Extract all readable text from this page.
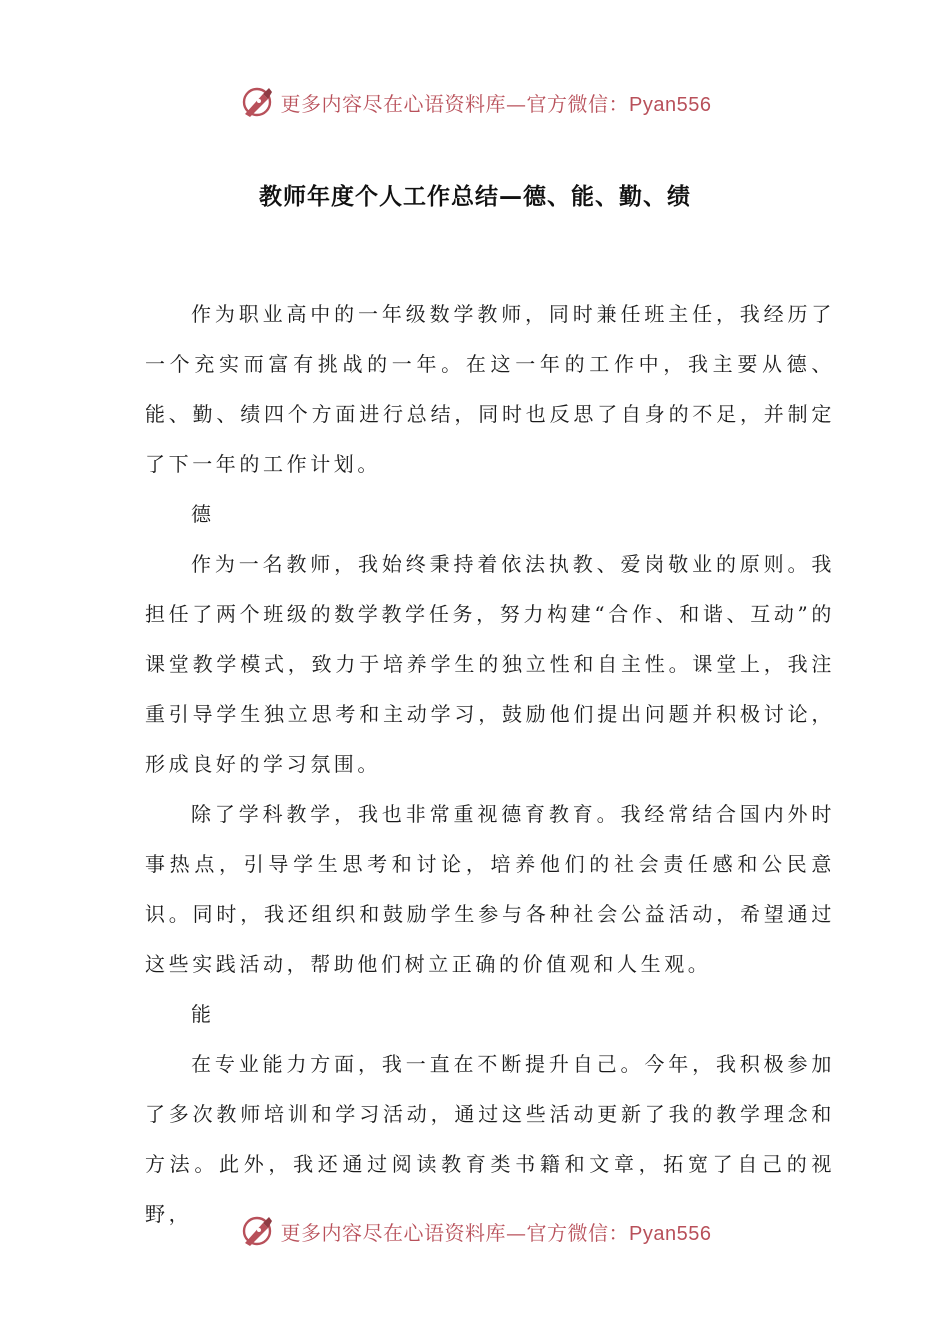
更多内容尽在心语资料库—官方微信：Pyan556
教师年度个人工作总结—德、能、勤、绩

作为职业高中的一年级数学教师，同时兼任班主任，我经历了一个充实而富有挑战的一年。在这一年的工作中，我主要从德、能、勤、绩四个方面进行总结，同时也反思了自身的不足，并制定了下一年的工作计划。

德

作为一名教师，我始终秉持着依法执教、爱岗敬业的原则。我担任了两个班级的数学教学任务，努力构建“合作、和谐、互动”的课堂教学模式，致力于培养学生的独立性和自主性。课堂上，我注重引导学生独立思考和主动学习，鼓励他们提出问题并积极讨论，形成良好的学习氛围。

除了学科教学，我也非常重视德育教育。我经常结合国内外时事热点，引导学生思考和讨论，培养他们的社会责任感和公民意识。同时，我还组织和鼓励学生参与各种社会公益活动，希望通过这些实践活动，帮助他们树立正确的价值观和人生观。

能

在专业能力方面，我一直在不断提升自己。今年，我积极参加了多次教师培训和学习活动，通过这些活动更新了我的教学理念和方法。此外，我还通过阅读教育类书籍和文章，拓宽了自己的视野，

更多内容尽在心语资料库—官方微信：Pyan556
